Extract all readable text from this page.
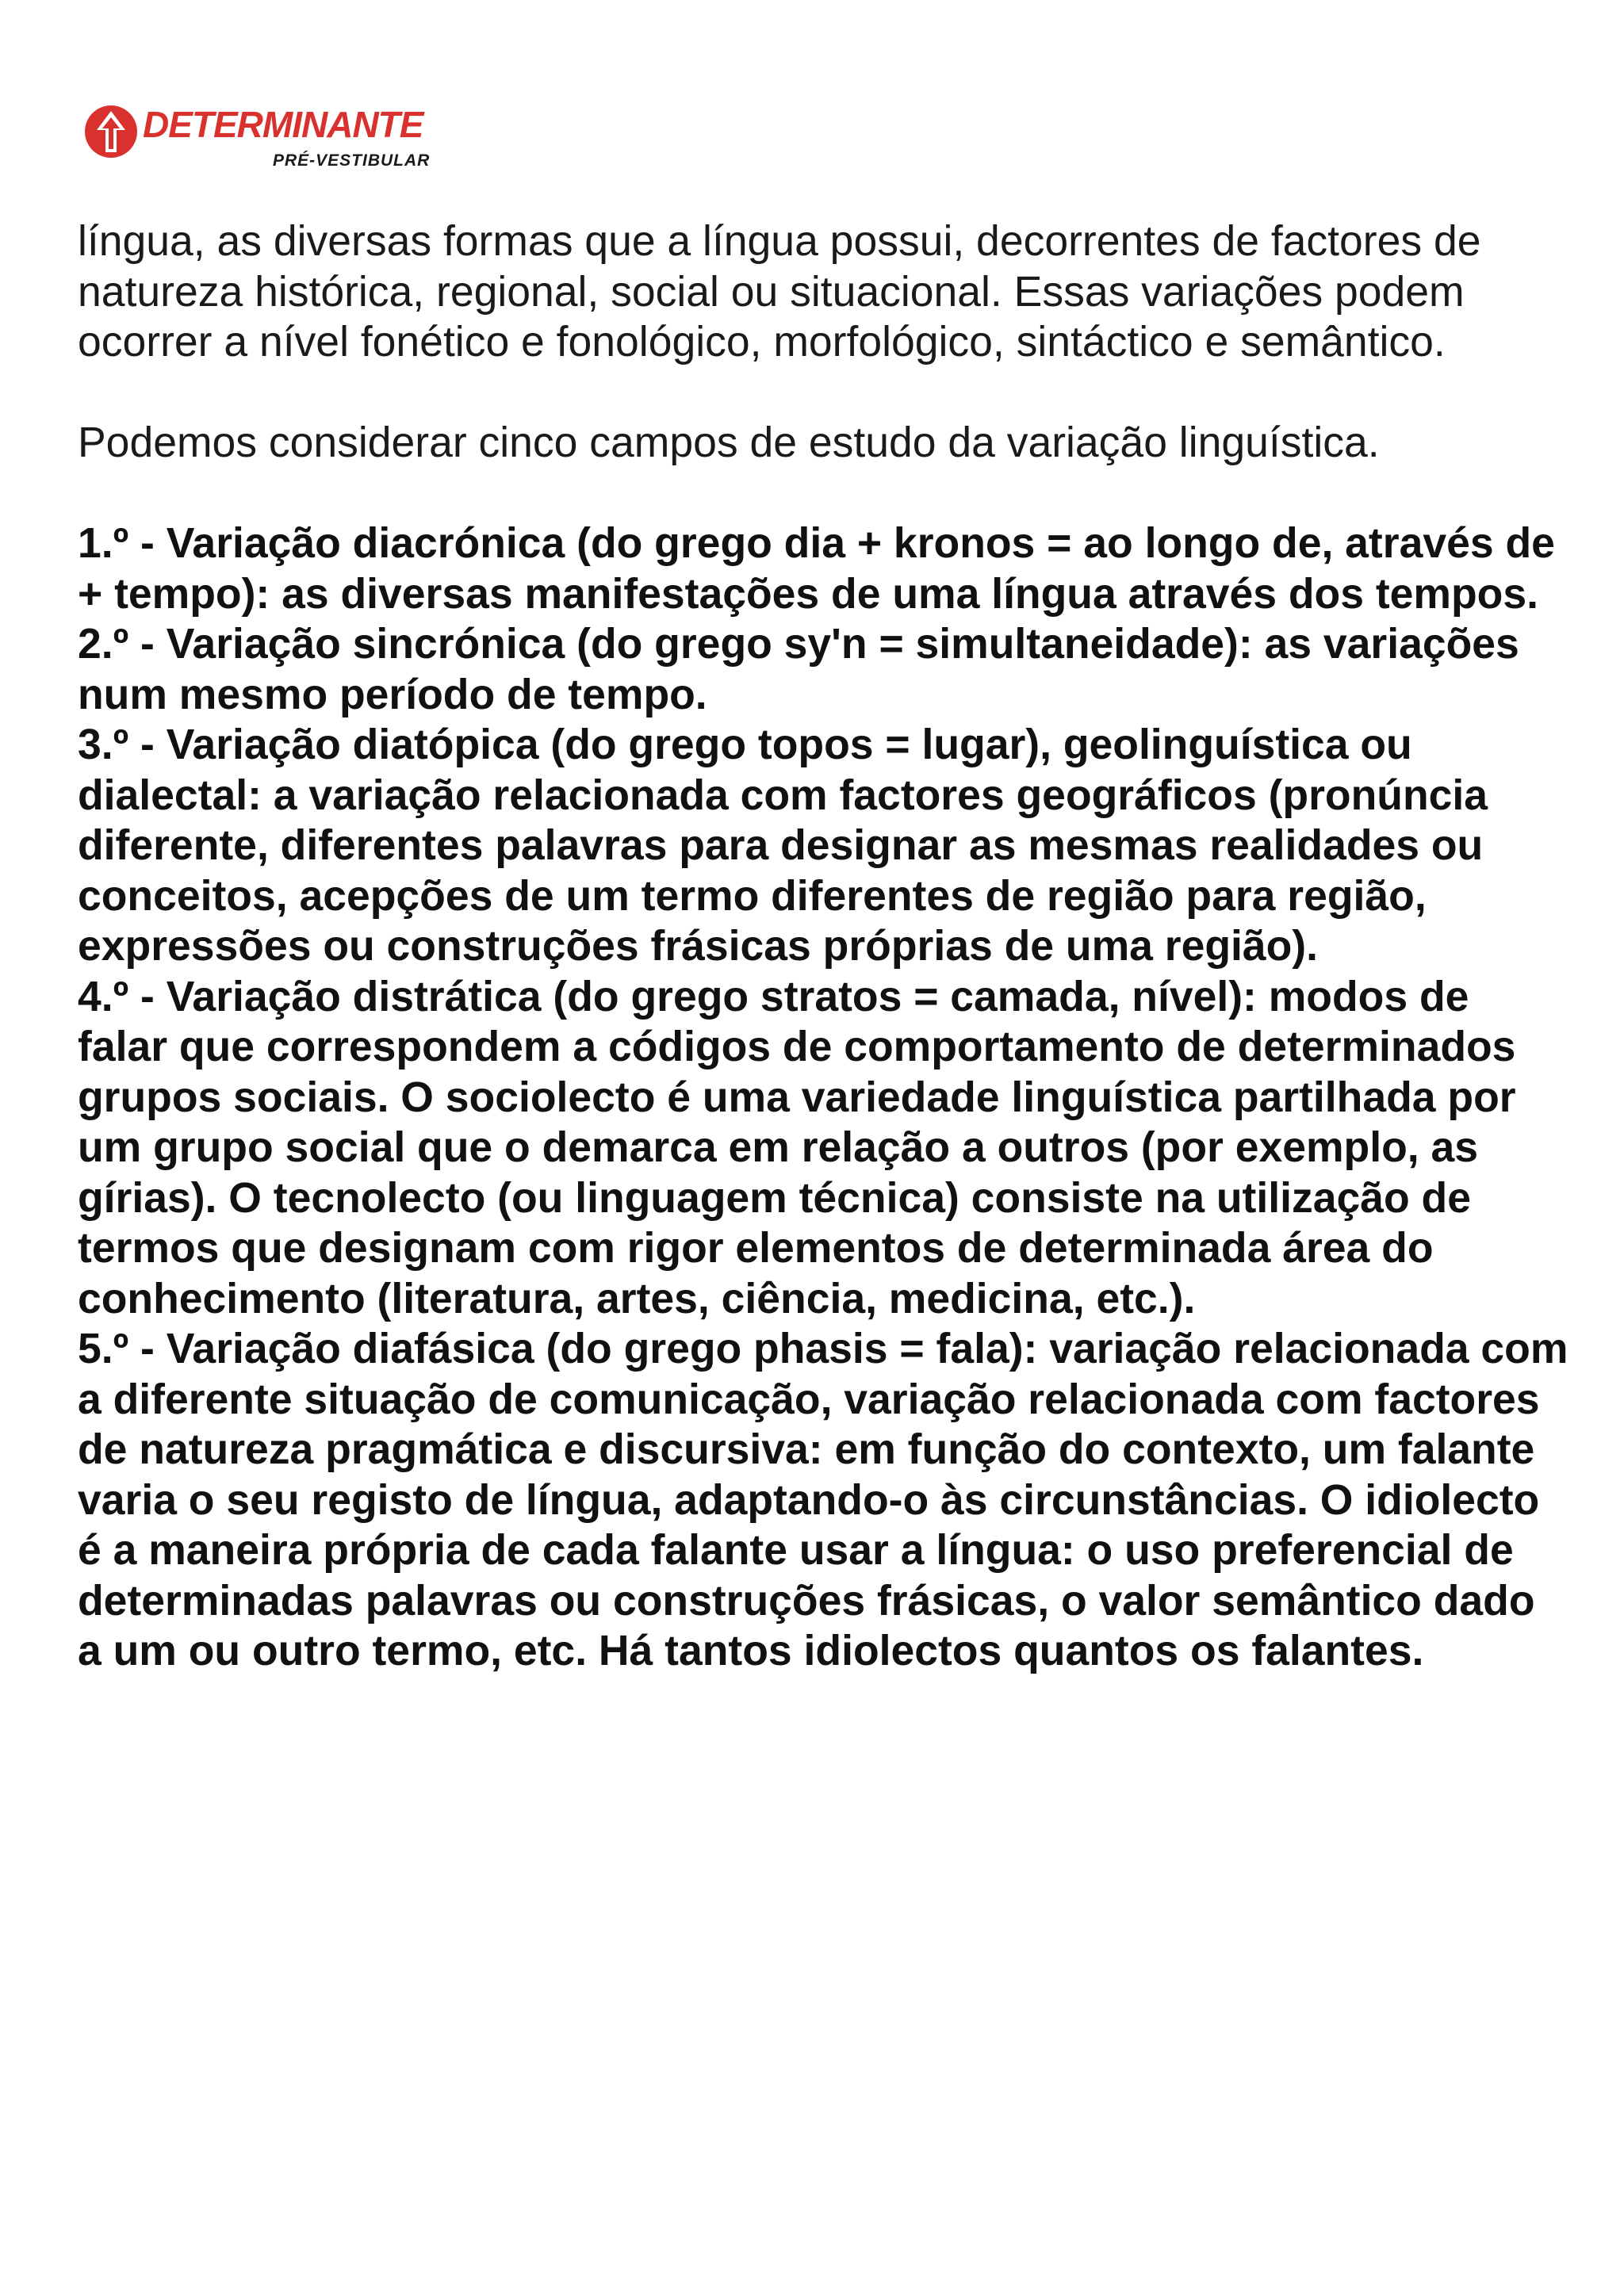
DETERMINANTE
PRÉ-VESTIBULAR

língua, as diversas formas que a língua possui, decorrentes de factores de natureza histórica, regional, social ou situacional. Essas variações podem ocorrer a nível fonético e fonológico, morfológico, sintáctico e semântico.

Podemos considerar cinco campos de estudo da variação linguística.

1.º - Variação diacrónica (do grego dia + kronos = ao longo de, através de + tempo): as diversas manifestações de uma língua através dos tempos.

2.º - Variação sincrónica (do grego sy'n = simultaneidade): as variações num mesmo período de tempo.

3.º - Variação diatópica (do grego topos = lugar), geolinguística ou dialectal: a variação relacionada com factores geográficos (pronúncia diferente, diferentes palavras para designar as mesmas realidades ou conceitos, acepções de um termo diferentes de região para região, expressões ou construções frásicas próprias de uma região).

4.º - Variação distrática (do grego stratos = camada, nível): modos de falar que correspondem a códigos de comportamento de determinados grupos sociais. O sociolecto é uma variedade linguística partilhada por um grupo social que o demarca em relação a outros (por exemplo, as gírias). O tecnolecto (ou linguagem técnica) consiste na utilização de termos que designam com rigor elementos de determinada área do conhecimento (literatura, artes, ciência, medicina, etc.).

5.º - Variação diafásica (do grego phasis = fala): variação relacionada com a diferente situação de comunicação, variação relacionada com factores de natureza pragmática e discursiva: em função do contexto, um falante varia o seu registo de língua, adaptando-o às circunstâncias. O idiolecto é a maneira própria de cada falante usar a língua: o uso preferencial de determinadas palavras ou construções frásicas, o valor semântico dado a um ou outro termo, etc. Há tantos idiolectos quantos os falantes.
